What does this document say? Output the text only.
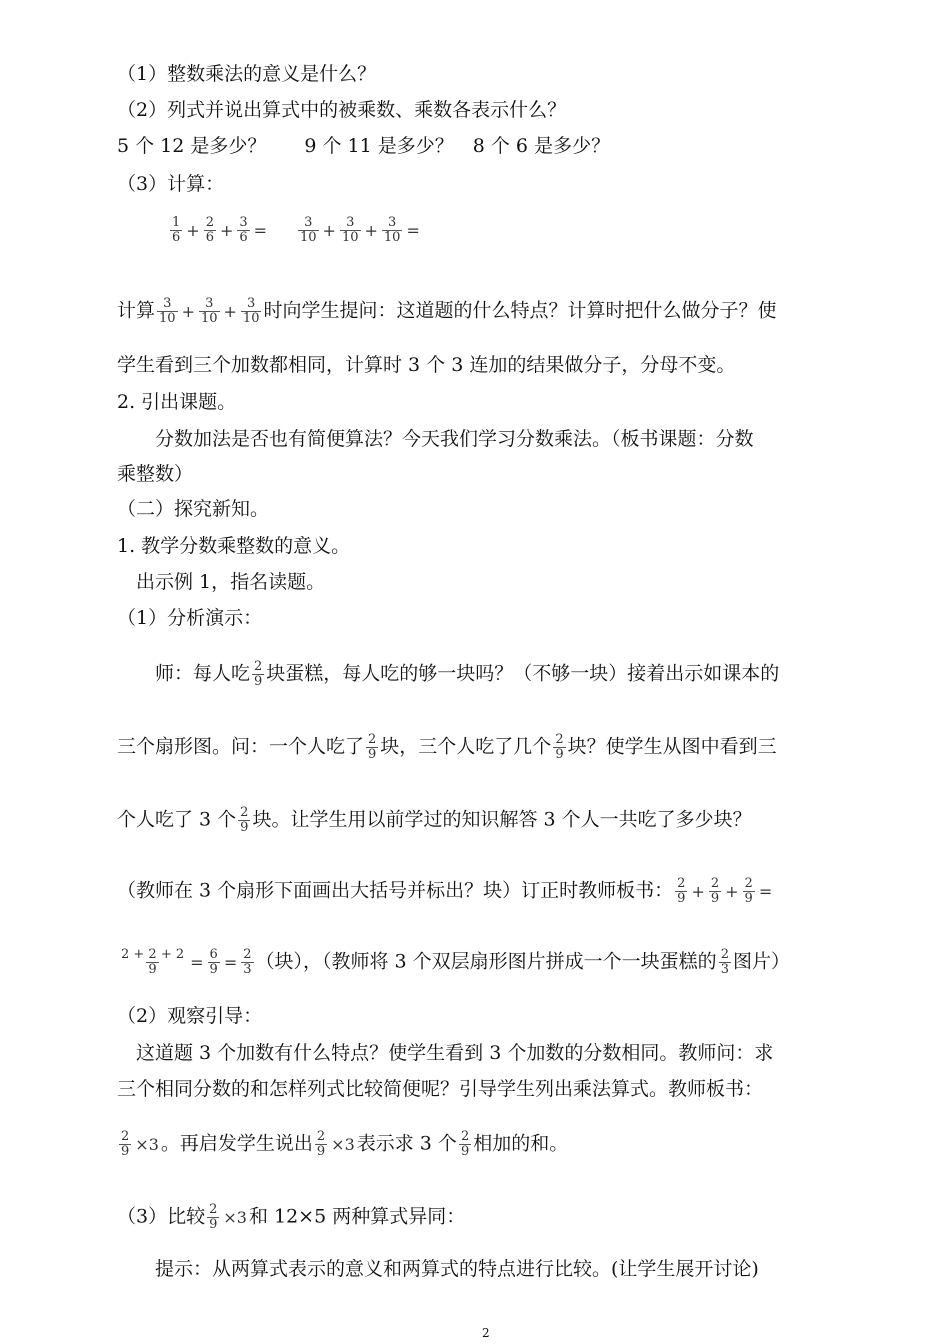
（1）整数乘法的意义是什么？
（2）列式并说出算式中的被乘数、乘数各表示什么？
5 个 12 是多少？　　9 个 11 是多少？　8 个 6 是多少？
（3）计算：
$\frac{1}{6} + \frac{2}{6} + \frac{3}{6} = \frac{3}{10} + \frac{3}{10} + \frac{3}{10}$ =
计算 $\frac{3}{10} + \frac{3}{10} + \frac{3}{10}$ 时向学生提问：这道题的什么特点？计算时把什么做分子？使
学生看到三个加数都相同，计算时 3 个 3 连加的结果做分子，分母不变。
2. 引出课题。
　　分数加法是否也有简便算法？今天我们学习分数乘法。（板书课题：分数
乘整数）
（二）探究新知。
1. 教学分数乘整数的意义。
　出示例 1，指名读题。
（1）分析演示：
　　师：每人吃 $\frac{2}{9}$ 块蛋糕，每人吃的够一块吗？（不够一块）接着出示如课本的
三个扇形图。问：一个人吃了 $\frac{2}{9}$ 块，三个人吃了几个 $\frac{2}{9}$ 块？使学生从图中看到三
个人吃了 3 个 $\frac{2}{9}$ 块。让学生用以前学过的知识解答 3 个人一共吃了多少块？
（教师在 3 个扇形下面画出大括号并标出？块）订正时教师板书： $\frac{2}{9} + \frac{2}{9} + \frac{2}{9}$ =
$\frac{2 + 2 + 2}{9} = \frac{6}{9} = \frac{2}{3}$ （块），（教师将 3 个双层扇形图片拼成一个一块蛋糕的 $\frac{2}{3}$ 图片）
（2）观察引导：
　这道题 3 个加数有什么特点？使学生看到 3 个加数的分数相同。教师问：求
三个相同分数的和怎样列式比较简便呢？引导学生列出乘法算式。教师板书：
$\frac{2}{9} \times 3$ 。再启发学生说出 $\frac{2}{9} \times 3$ 表示求 3 个 $\frac{2}{9}$ 相加的和。
（3）比较 $\frac{2}{9} \times 3$ 和 12×5 两种算式异同：
　　提示：从两算式表示的意义和两算式的特点进行比较。(让学生展开讨论)
2
